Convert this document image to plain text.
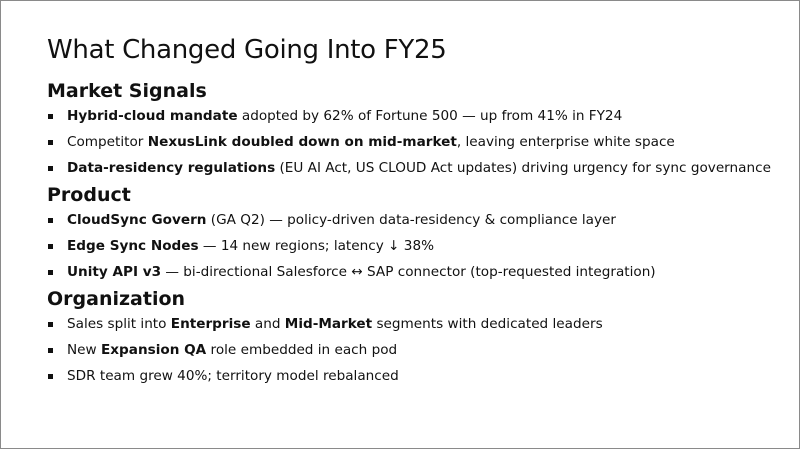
What Changed Going Into FY25
Market Signals
Hybrid-cloud mandate adopted by 62% of Fortune 500 — up from 41% in FY24
Competitor NexusLink doubled down on mid-market, leaving enterprise white space
Data-residency regulations (EU AI Act, US CLOUD Act updates) driving urgency for sync governance
Product
CloudSync Govern (GA Q2) — policy-driven data-residency & compliance layer
Edge Sync Nodes — 14 new regions; latency ↓ 38%
Unity API v3 — bi-directional Salesforce ↔ SAP connector (top-requested integration)
Organization
Sales split into Enterprise and Mid-Market segments with dedicated leaders
New Expansion QA role embedded in each pod
SDR team grew 40%; territory model rebalanced
